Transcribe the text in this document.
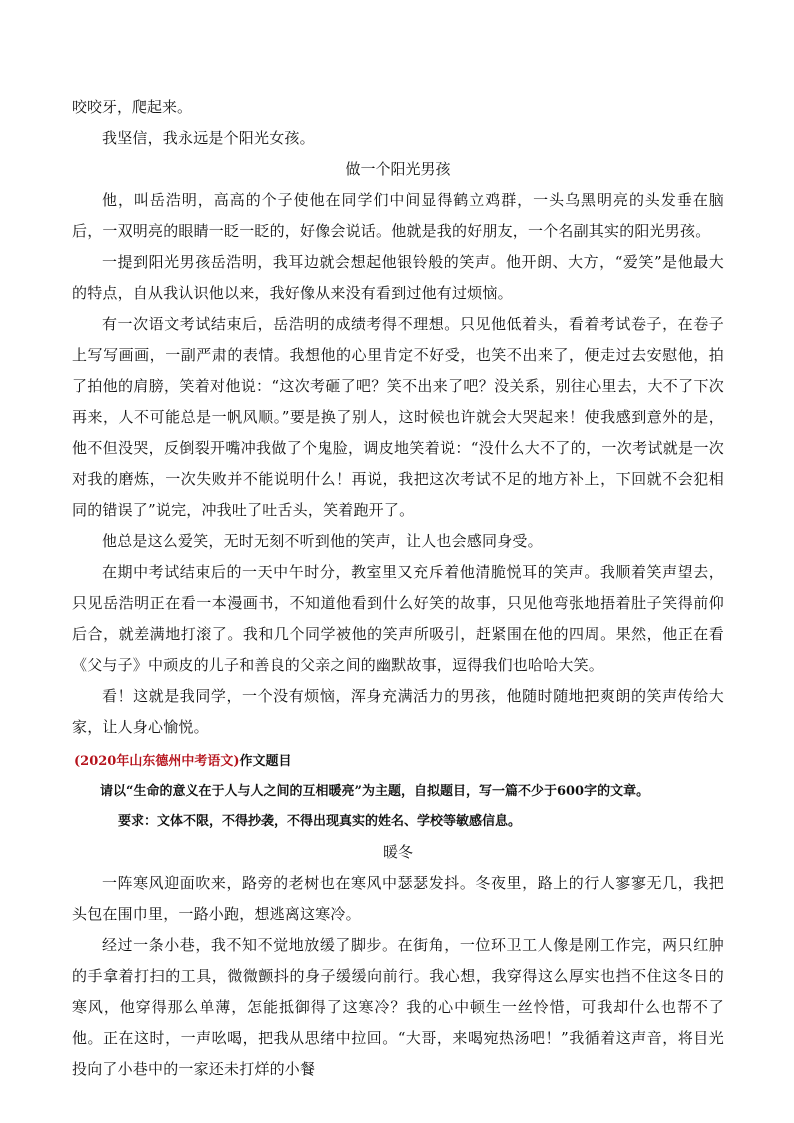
咬咬牙，爬起来。

我坚信，我永远是个阳光女孩。

做一个阳光男孩

他，叫岳浩明，高高的个子使他在同学们中间显得鹤立鸡群，一头乌黑明亮的头发垂在脑后，一双明亮的眼睛一眨一眨的，好像会说话。他就是我的好朋友，一个名副其实的阳光男孩。

一提到阳光男孩岳浩明，我耳边就会想起他银铃般的笑声。他开朗、大方，“爱笑”是他最大的特点，自从我认识他以来，我好像从来没有看到过他有过烦恼。

有一次语文考试结束后，岳浩明的成绩考得不理想。只见他低着头，看着考试卷子，在卷子上写写画画，一副严肃的表情。我想他的心里肯定不好受，也笑不出来了，便走过去安慰他，拍了拍他的肩膀，笑着对他说：“这次考砸了吧？笑不出来了吧？没关系，别往心里去，大不了下次再来，人不可能总是一帆风顺。”要是换了别人，这时候也许就会大哭起来！使我感到意外的是，他不但没哭，反倒裂开嘴冲我做了个鬼脸，调皮地笑着说：“没什么大不了的，一次考试就是一次对我的磨炼，一次失败并不能说明什么！再说，我把这次考试不足的地方补上，下回就不会犯相同的错误了”说完，冲我吐了吐舌头，笑着跑开了。

他总是这么爱笑，无时无刻不听到他的笑声，让人也会感同身受。

在期中考试结束后的一天中午时分，教室里又充斥着他清脆悦耳的笑声。我顺着笑声望去，只见岳浩明正在看一本漫画书，不知道他看到什么好笑的故事，只见他弯张地捂着肚子笑得前仰后合，就差满地打滚了。我和几个同学被他的笑声所吸引，赶紧围在他的四周。果然，他正在看《父与子》中顽皮的儿子和善良的父亲之间的幽默故事，逗得我们也哈哈大笑。

看！这就是我同学，一个没有烦恼，浑身充满活力的男孩，他随时随地把爽朗的笑声传给大家，让人身心愉悦。

(2020年山东德州中考语文)作文题目

请以“生命的意义在于人与人之间的互相暖亮”为主题，自拟题目，写一篇不少于600字的文章。

要求：文体不限，不得抄袭，不得出现真实的姓名、学校等敏感信息。

暖冬

一阵寒风迎面吹来，路旁的老树也在寒风中瑟瑟发抖。冬夜里，路上的行人寥寥无几，我把头包在围巾里，一路小跑，想逃离这寒冷。

经过一条小巷，我不知不觉地放缓了脚步。在街角，一位环卫工人像是刚工作完，两只红肿的手拿着打扫的工具，微微颤抖的身子缓缓向前行。我心想，我穿得这么厚实也挡不住这冬日的寒风，他穿得那么单薄，怎能抵御得了这寒冷？我的心中顿生一丝怜惜，可我却什么也帮不了他。正在这时，一声吆喝，把我从思绪中拉回。“大哥，来喝宛热汤吧！”我循着这声音，将目光投向了小巷中的一家还未打烊的小餐
